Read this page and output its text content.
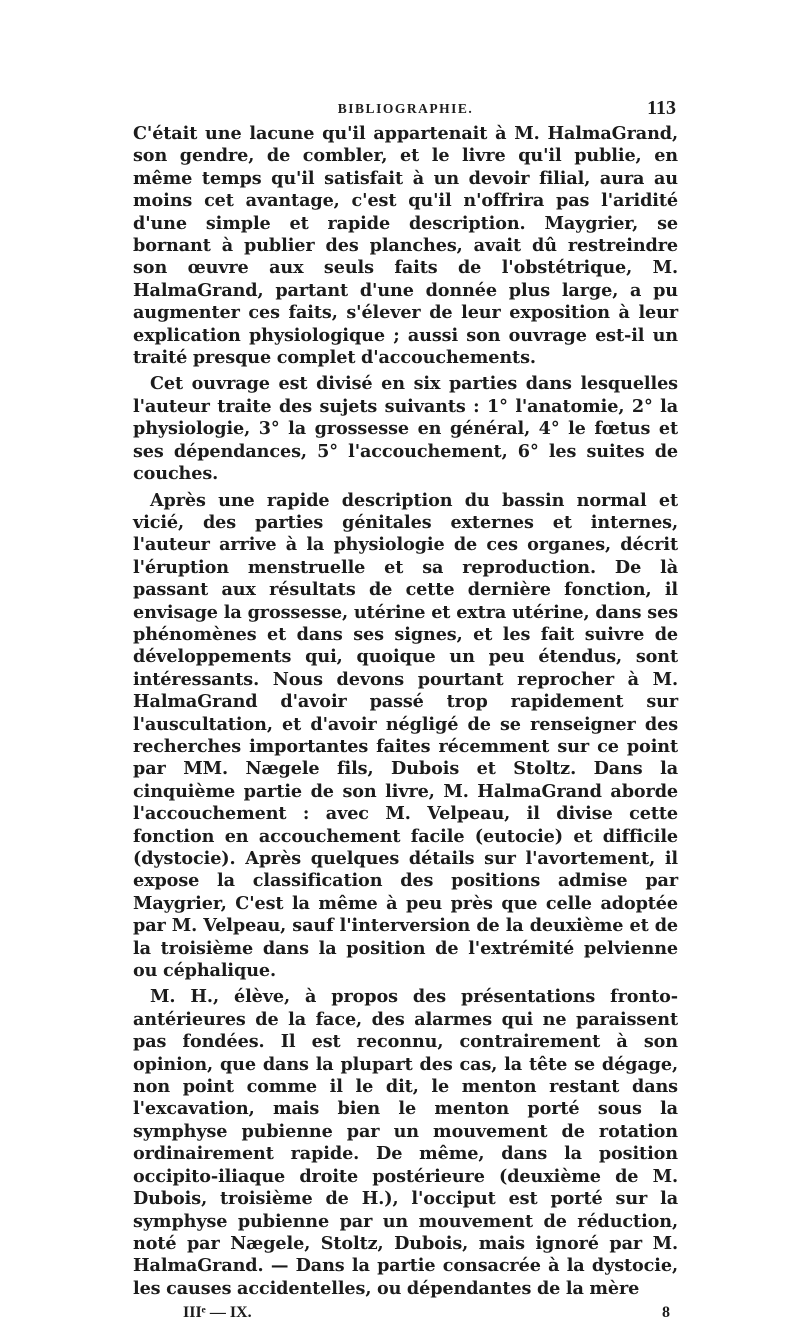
BIBLIOGRAPHIE.	113

C'était une lacune qu'il appartenait à M. HalmaGrand, son gendre, de combler, et le livre qu'il publie, en même temps qu'il satisfait à un devoir filial, aura au moins cet avantage, c'est qu'il n'offrira pas l'aridité d'une simple et rapide description. Maygrier, se bornant à publier des planches, avait dû restreindre son œuvre aux seuls faits de l'obstétrique, M. HalmaGrand, partant d'une donnée plus large, a pu augmenter ces faits, s'élever de leur exposition à leur explication physiologique ; aussi son ouvrage est-il un traité presque complet d'accouchements.

Cet ouvrage est divisé en six parties dans lesquelles l'auteur traite des sujets suivants : 1° l'anatomie, 2° la physiologie, 3° la grossesse en général, 4° le fœtus et ses dépendances, 5° l'accouchement, 6° les suites de couches.

Après une rapide description du bassin normal et vicié, des parties génitales externes et internes, l'auteur arrive à la physiologie de ces organes, décrit l'éruption menstruelle et sa reproduction. De là passant aux résultats de cette dernière fonction, il envisage la grossesse, utérine et extra utérine, dans ses phénomènes et dans ses signes, et les fait suivre de développements qui, quoique un peu étendus, sont intéressants. Nous devons pourtant reprocher à M. HalmaGrand d'avoir passé trop rapidement sur l'auscultation, et d'avoir négligé de se renseigner des recherches importantes faites récemment sur ce point par MM. Nægele fils, Dubois et Stoltz. Dans la cinquième partie de son livre, M. HalmaGrand aborde l'accouchement : avec M. Velpeau, il divise cette fonction en accouchement facile (eutocie) et difficile (dystocie). Après quelques détails sur l'avortement, il expose la classification des positions admise par Maygrier, C'est la même à peu près que celle adoptée par M. Velpeau, sauf l'interversion de la deuxième et de la troisième dans la position de l'extrémité pelvienne ou céphalique.

M. H., élève, à propos des présentations fronto-antérieures de la face, des alarmes qui ne paraissent pas fondées. Il est reconnu, contrairement à son opinion, que dans la plupart des cas, la tête se dégage, non point comme il le dit, le menton restant dans l'excavation, mais bien le menton porté sous la symphyse pubienne par un mouvement de rotation ordinairement rapide. De même, dans la position occipito-iliaque droite postérieure (deuxième de M. Dubois, troisième de H.), l'occiput est porté sur la symphyse pubienne par un mouvement de réduction, noté par Nægele, Stoltz, Dubois, mais ignoré par M. HalmaGrand. — Dans la partie consacrée à la dystocie, les causes accidentelles, ou dépendantes de la mère

IIIᵉ — IX.	8
